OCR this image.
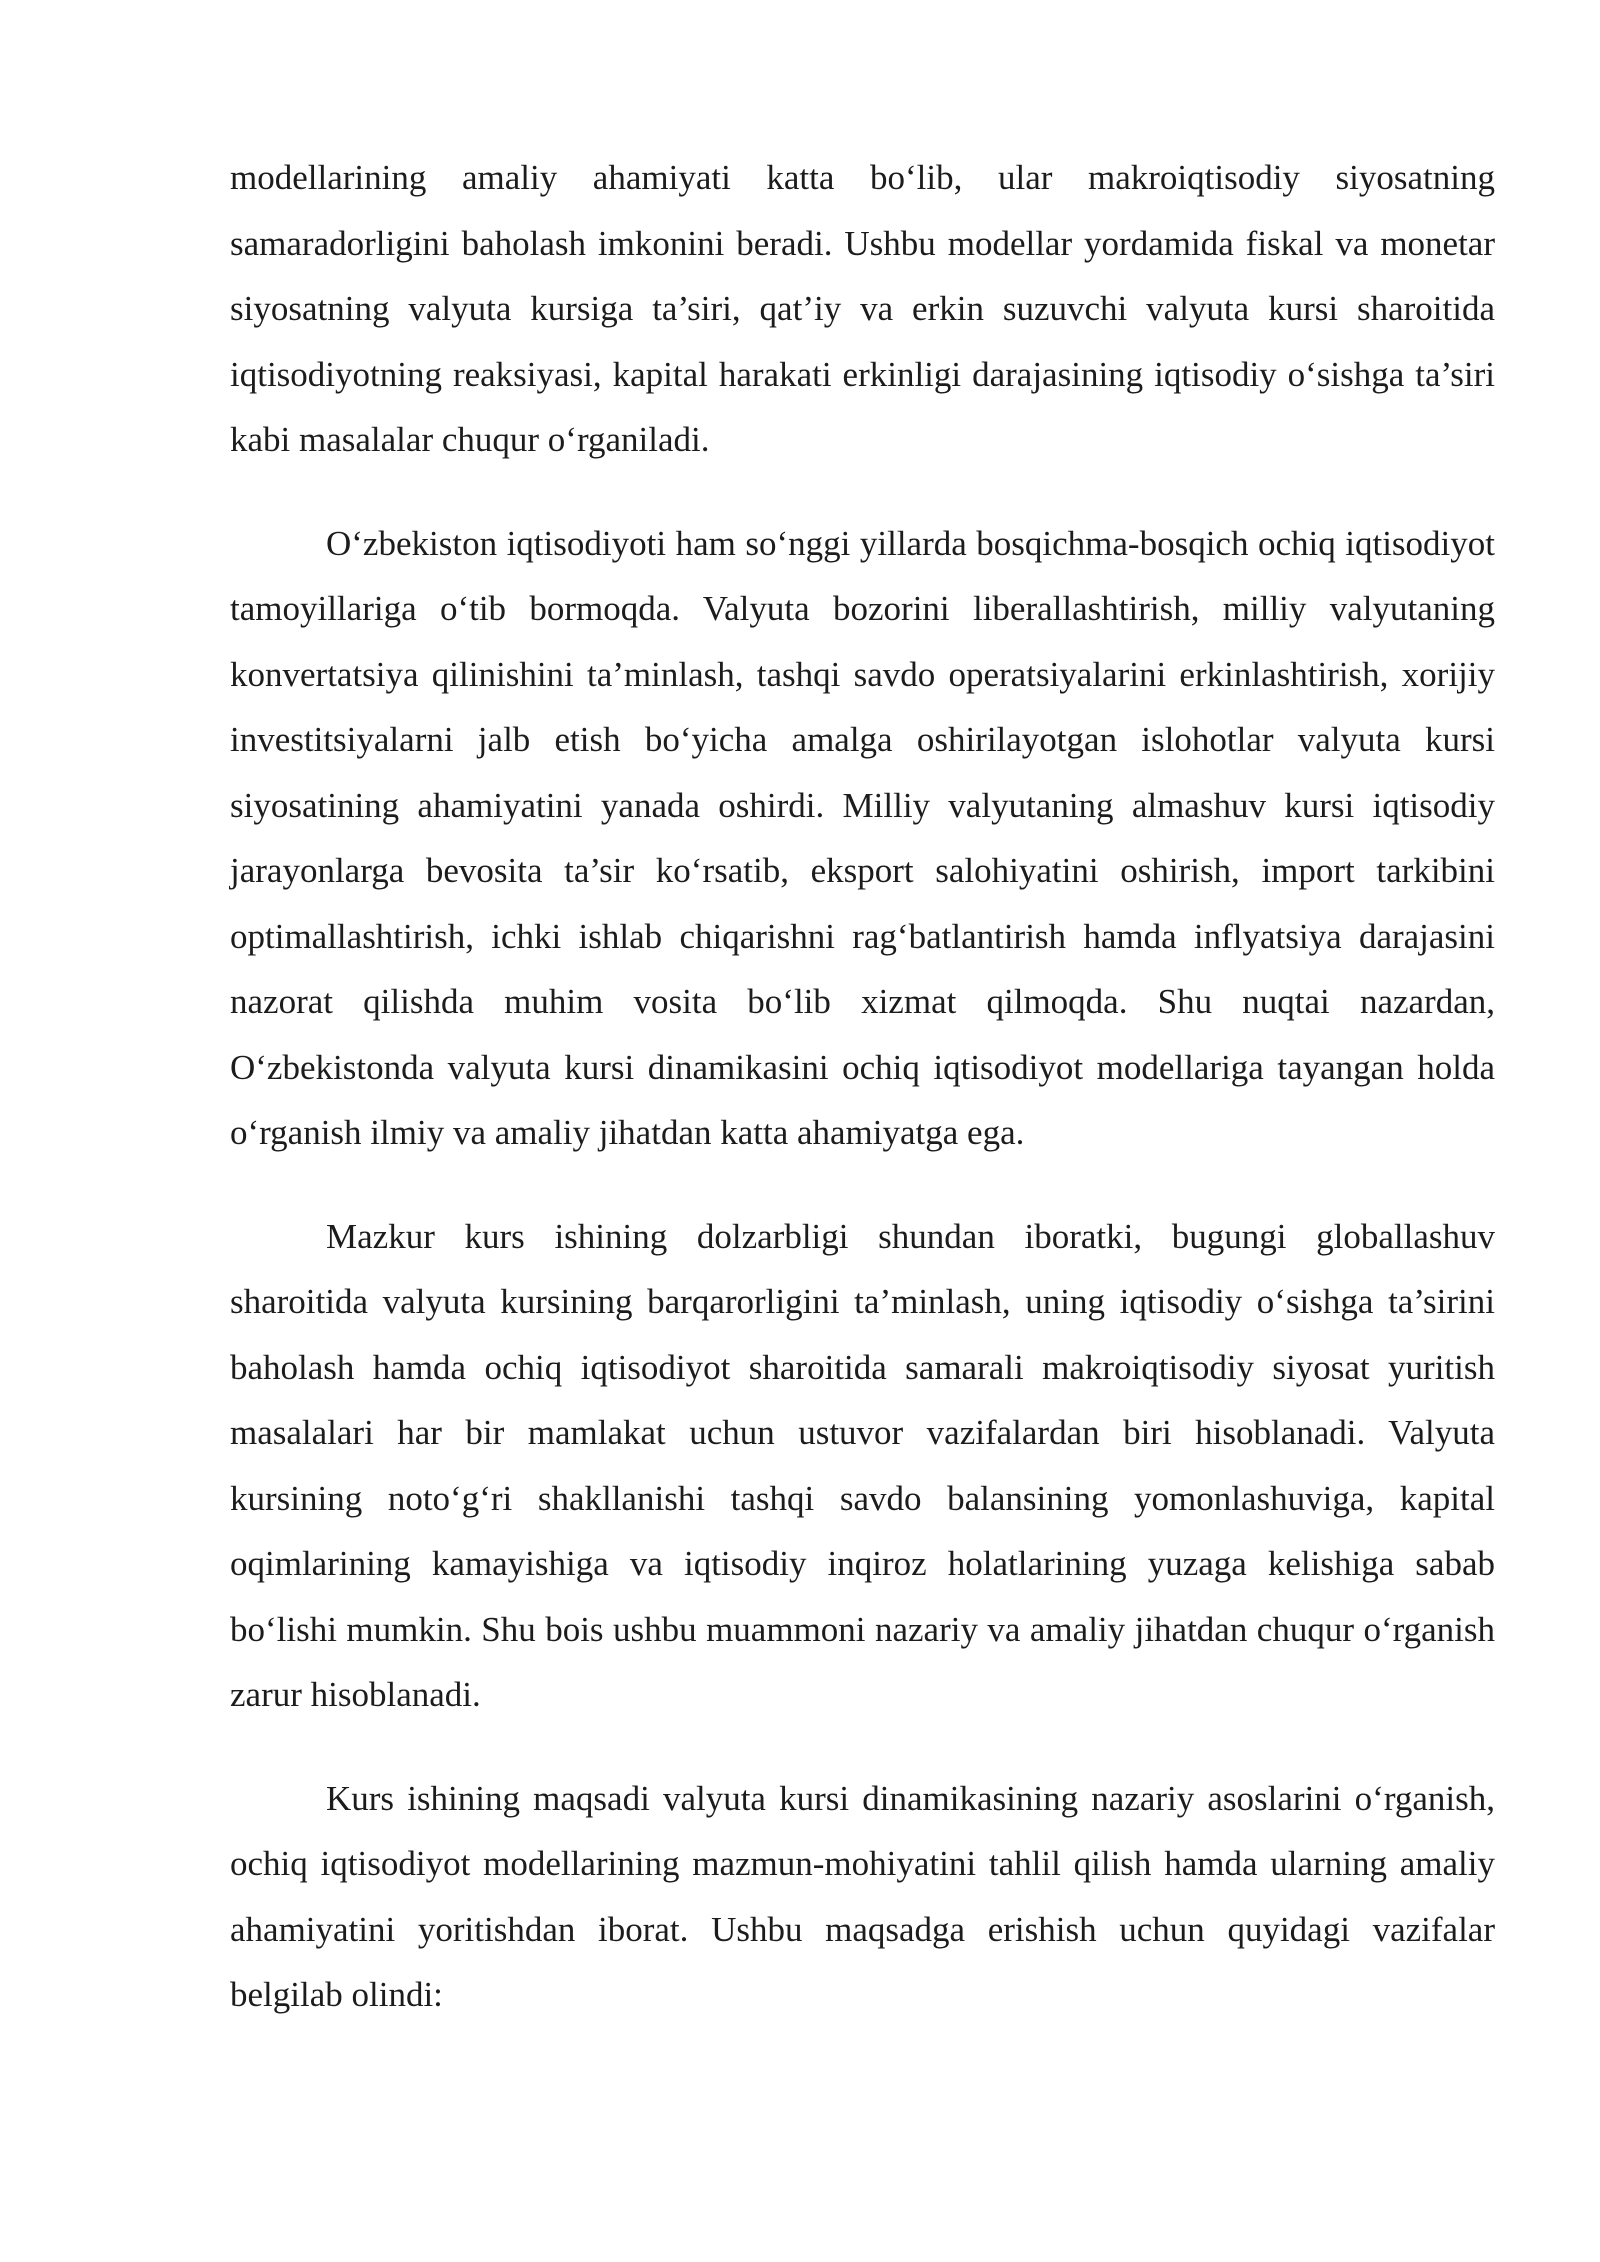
modellarining amaliy ahamiyati katta bo‘lib, ular makroiqtisodiy siyosatning samaradorligini baholash imkonini beradi. Ushbu modellar yordamida fiskal va monetar siyosatning valyuta kursiga ta’siri, qat’iy va erkin suzuvchi valyuta kursi sharoitida iqtisodiyotning reaksiyasi, kapital harakati erkinligi darajasining iqtisodiy o‘sishga ta’siri kabi masalalar chuqur o‘rganiladi.

O‘zbekiston iqtisodiyoti ham so‘nggi yillarda bosqichma-bosqich ochiq iqtisodiyot tamoyillariga o‘tib bormoqda. Valyuta bozorini liberallashtirish, milliy valyutaning konvertatsiya qilinishini ta’minlash, tashqi savdo operatsiyalarini erkinlashtirish, xorijiy investitsiyalarni jalb etish bo‘yicha amalga oshirilayotgan islohotlar valyuta kursi siyosatining ahamiyatini yanada oshirdi. Milliy valyutaning almashuv kursi iqtisodiy jarayonlarga bevosita ta’sir ko‘rsatib, eksport salohiyatini oshirish, import tarkibini optimallashtirish, ichki ishlab chiqarishni rag‘batlantirish hamda inflyatsiya darajasini nazorat qilishda muhim vosita bo‘lib xizmat qilmoqda. Shu nuqtai nazardan, O‘zbekistonda valyuta kursi dinamikasini ochiq iqtisodiyot modellariga tayangan holda o‘rganish ilmiy va amaliy jihatdan katta ahamiyatga ega.

Mazkur kurs ishining dolzarbligi shundan iboratki, bugungi globallashuv sharoitida valyuta kursining barqarorligini ta’minlash, uning iqtisodiy o‘sishga ta’sirini baholash hamda ochiq iqtisodiyot sharoitida samarali makroiqtisodiy siyosat yuritish masalalari har bir mamlakat uchun ustuvor vazifalardan biri hisoblanadi. Valyuta kursining noto‘g‘ri shakllanishi tashqi savdo balansining yomonlashuviga, kapital oqimlarining kamayishiga va iqtisodiy inqiroz holatlarining yuzaga kelishiga sabab bo‘lishi mumkin. Shu bois ushbu muammoni nazariy va amaliy jihatdan chuqur o‘rganish zarur hisoblanadi.

Kurs ishining maqsadi valyuta kursi dinamikasining nazariy asoslarini o‘rganish, ochiq iqtisodiyot modellarining mazmun-mohiyatini tahlil qilish hamda ularning amaliy ahamiyatini yoritishdan iborat. Ushbu maqsadga erishish uchun quyidagi vazifalar belgilab olindi:
